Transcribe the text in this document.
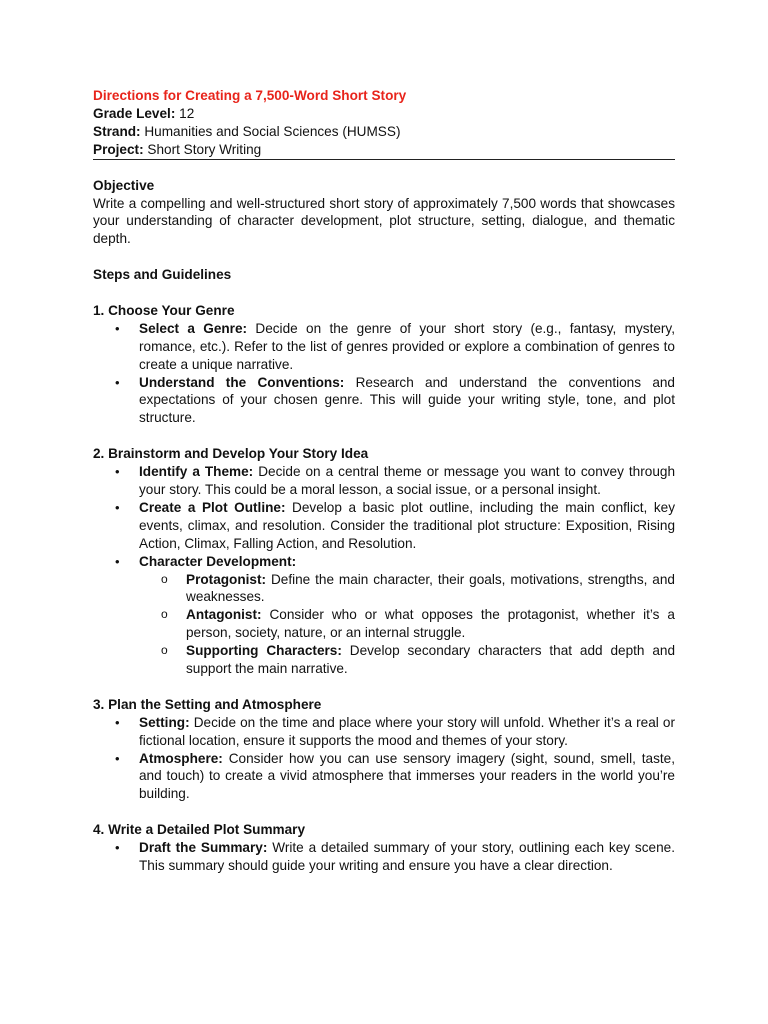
Directions for Creating a 7,500-Word Short Story
Grade Level: 12
Strand: Humanities and Social Sciences (HUMSS)
Project: Short Story Writing
Objective
Write a compelling and well-structured short story of approximately 7,500 words that showcases your understanding of character development, plot structure, setting, dialogue, and thematic depth.
Steps and Guidelines
1. Choose Your Genre
• Select a Genre: Decide on the genre of your short story (e.g., fantasy, mystery, romance, etc.). Refer to the list of genres provided or explore a combination of genres to create a unique narrative.
• Understand the Conventions: Research and understand the conventions and expectations of your chosen genre. This will guide your writing style, tone, and plot structure.
2. Brainstorm and Develop Your Story Idea
• Identify a Theme: Decide on a central theme or message you want to convey through your story. This could be a moral lesson, a social issue, or a personal insight.
• Create a Plot Outline: Develop a basic plot outline, including the main conflict, key events, climax, and resolution. Consider the traditional plot structure: Exposition, Rising Action, Climax, Falling Action, and Resolution.
• Character Development:
o Protagonist: Define the main character, their goals, motivations, strengths, and weaknesses.
o Antagonist: Consider who or what opposes the protagonist, whether it’s a person, society, nature, or an internal struggle.
o Supporting Characters: Develop secondary characters that add depth and support the main narrative.
3. Plan the Setting and Atmosphere
• Setting: Decide on the time and place where your story will unfold. Whether it’s a real or fictional location, ensure it supports the mood and themes of your story.
• Atmosphere: Consider how you can use sensory imagery (sight, sound, smell, taste, and touch) to create a vivid atmosphere that immerses your readers in the world you’re building.
4. Write a Detailed Plot Summary
• Draft the Summary: Write a detailed summary of your story, outlining each key scene. This summary should guide your writing and ensure you have a clear direction.
